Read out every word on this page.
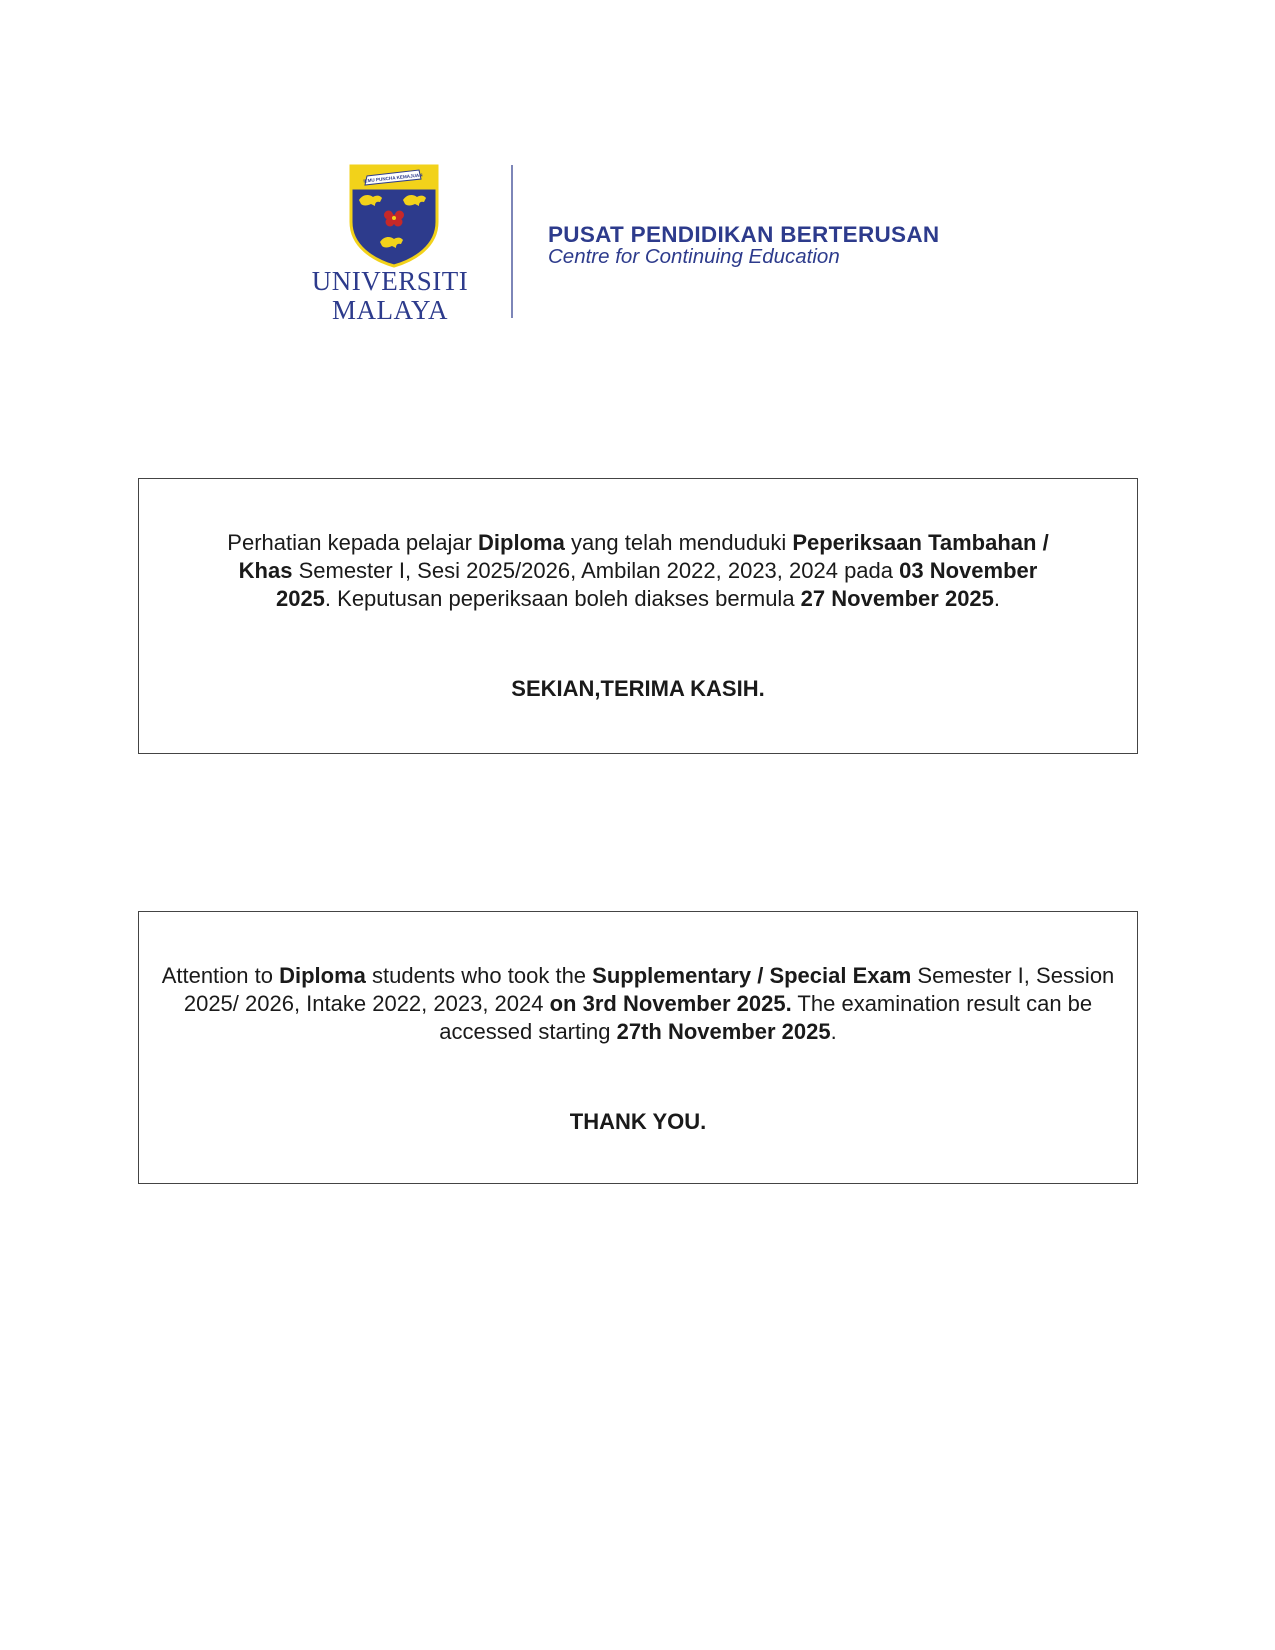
ILMU PUNCHA KEMAJUAN
UNIVERSITI
MALAYA
PUSAT PENDIDIKAN BERTERUSAN
Centre for Continuing Education
Perhatian kepada pelajar Diploma yang telah menduduki Peperiksaan Tambahan / Khas Semester I, Sesi 2025/2026, Ambilan 2022, 2023, 2024 pada 03 November 2025. Keputusan peperiksaan boleh diakses bermula 27 November 2025.
SEKIAN,TERIMA KASIH.
Attention to Diploma students who took the Supplementary / Special Exam Semester I, Session 2025/ 2026, Intake 2022, 2023, 2024 on 3rd November 2025. The examination result can be accessed starting 27th November 2025.
THANK YOU.
